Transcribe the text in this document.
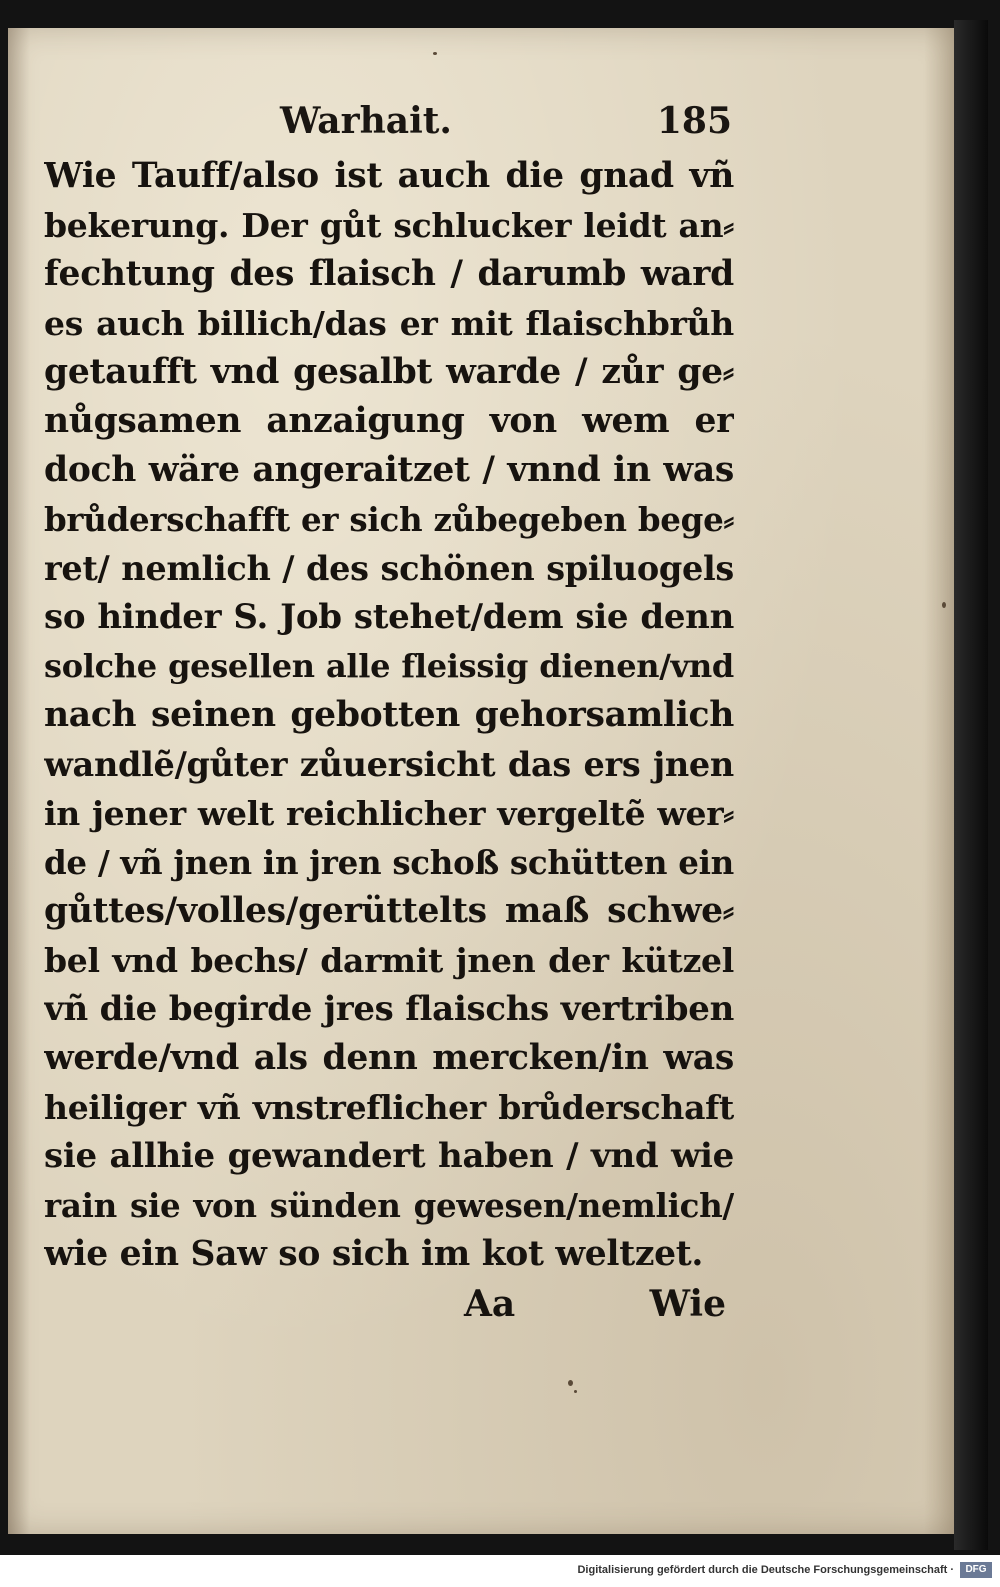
Warhait.	185
Wie Tauff/also ist auch die gnad vñ
bekerung. Der gůt schlucker leidt an⸗
fechtung des flaisch / darumb ward
es auch billich/das er mit flaischbrůh
getaufft vnd gesalbt warde / zůr ge⸗
nůgsamen anzaigung von wem er
doch wäre angeraitzet / vnnd in was
brůderschafft er sich zůbegeben bege⸗
ret/ nemlich / des schönen spiluogels
so hinder S. Job stehet/dem sie denn
solche gesellen alle fleissig dienen/vnd
nach seinen gebotten gehorsamlich
wandlẽ/gůter zůuersicht das ers jnen
in jener welt reichlicher vergeltẽ wer⸗
de / vñ jnen in jren schoß schütten ein
gůttes/volles/gerüttelts maß schwe⸗
bel vnd bechs/ darmit jnen der kützel
vñ die begirde jres flaischs vertriben
werde/vnd als denn mercken/in was
heiliger vñ vnstreflicher brůderschaft
sie allhie gewandert haben / vnd wie
rain sie von sünden gewesen/nemlich/
wie ein Saw so sich im kot weltzet.
Aa	Wie
Digitalisierung gefördert durch die Deutsche Forschungsgemeinschaft ·	DFG
